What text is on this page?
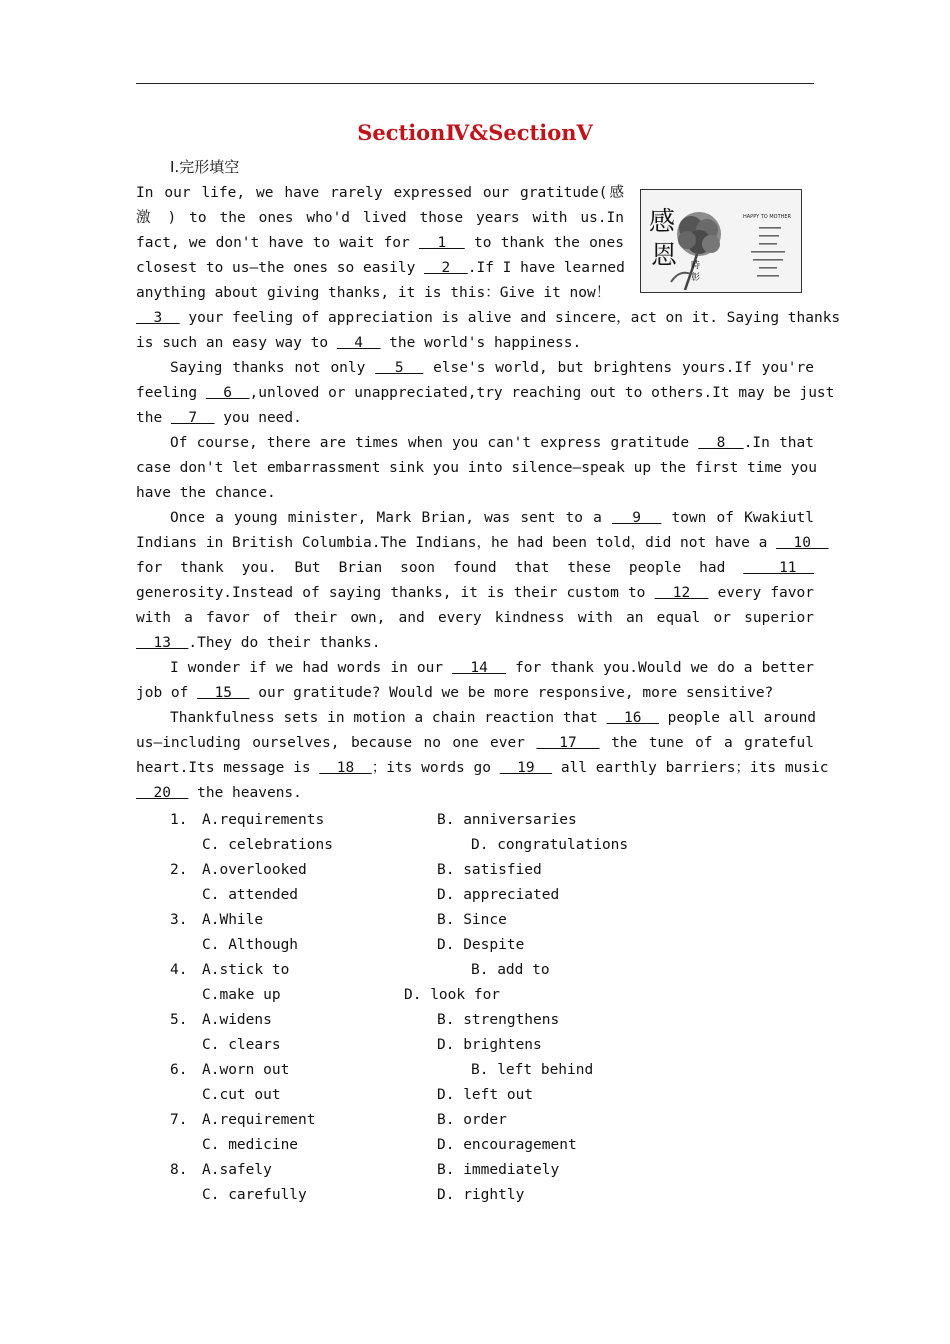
SectionⅣ&SectionⅤ
Ⅰ.完形填空
感
恩
HAPPY TO MOTHER
時
彰
In our life, we have rarely expressed our gratitude(感
激 ) to the ones who'd lived those years with us.In
fact, we don't have to wait for   1   to thank the ones
closest to us—the ones so easily   2  .If I have learned
anything about giving thanks, it is this：Give it now！
3   your feeling of appreciation is alive and sincere，act on it. Saying thanks
is such an easy way to   4   the world's happiness.
Saying thanks not only   5   else's world, but brightens yours.If you're
feeling   6  ,unloved or unappreciated,try reaching out to others.It may be just
the   7   you need.
Of course, there are times when you can't express gratitude   8  .In that
case don't let embarrassment sink you into silence—speak up the first time you
have the chance.
Once a young minister, Mark Brian, was sent to a   9   town of Kwakiutl
Indians in British Columbia.The Indians，he had been told，did not have a   10
for thank you. But Brian soon found that these people had   11
generosity.Instead of saying thanks, it is their custom to   12   every favor
with a favor of their own, and every kindness with an equal or superior
13  .They do their thanks.
I wonder if we had words in our   14   for thank you.Would we do a better
job of   15   our gratitude? Would we be more responsive, more sensitive?
Thankfulness sets in motion a chain reaction that   16   people all around
us—including ourselves, because no one ever   17   the tune of a grateful
heart.Its message is   18  ；its words go   19   all earthly barriers；its music
20   the heavens.
1. A.requirements	B. anniversaries
C. celebrations	D. congratulations
2. A.overlooked	B. satisfied
C. attended	D. appreciated
3. A.While	B. Since
C. Although	D. Despite
4. A.stick to	B. add to
C.make up	D. look for
5. A.widens	B. strengthens
C. clears	D. brightens
6. A.worn out	B. left behind
C.cut out	D. left out
7. A.requirement	B. order
C. medicine	D. encouragement
8. A.safely	B. immediately
C. carefully	D. rightly
